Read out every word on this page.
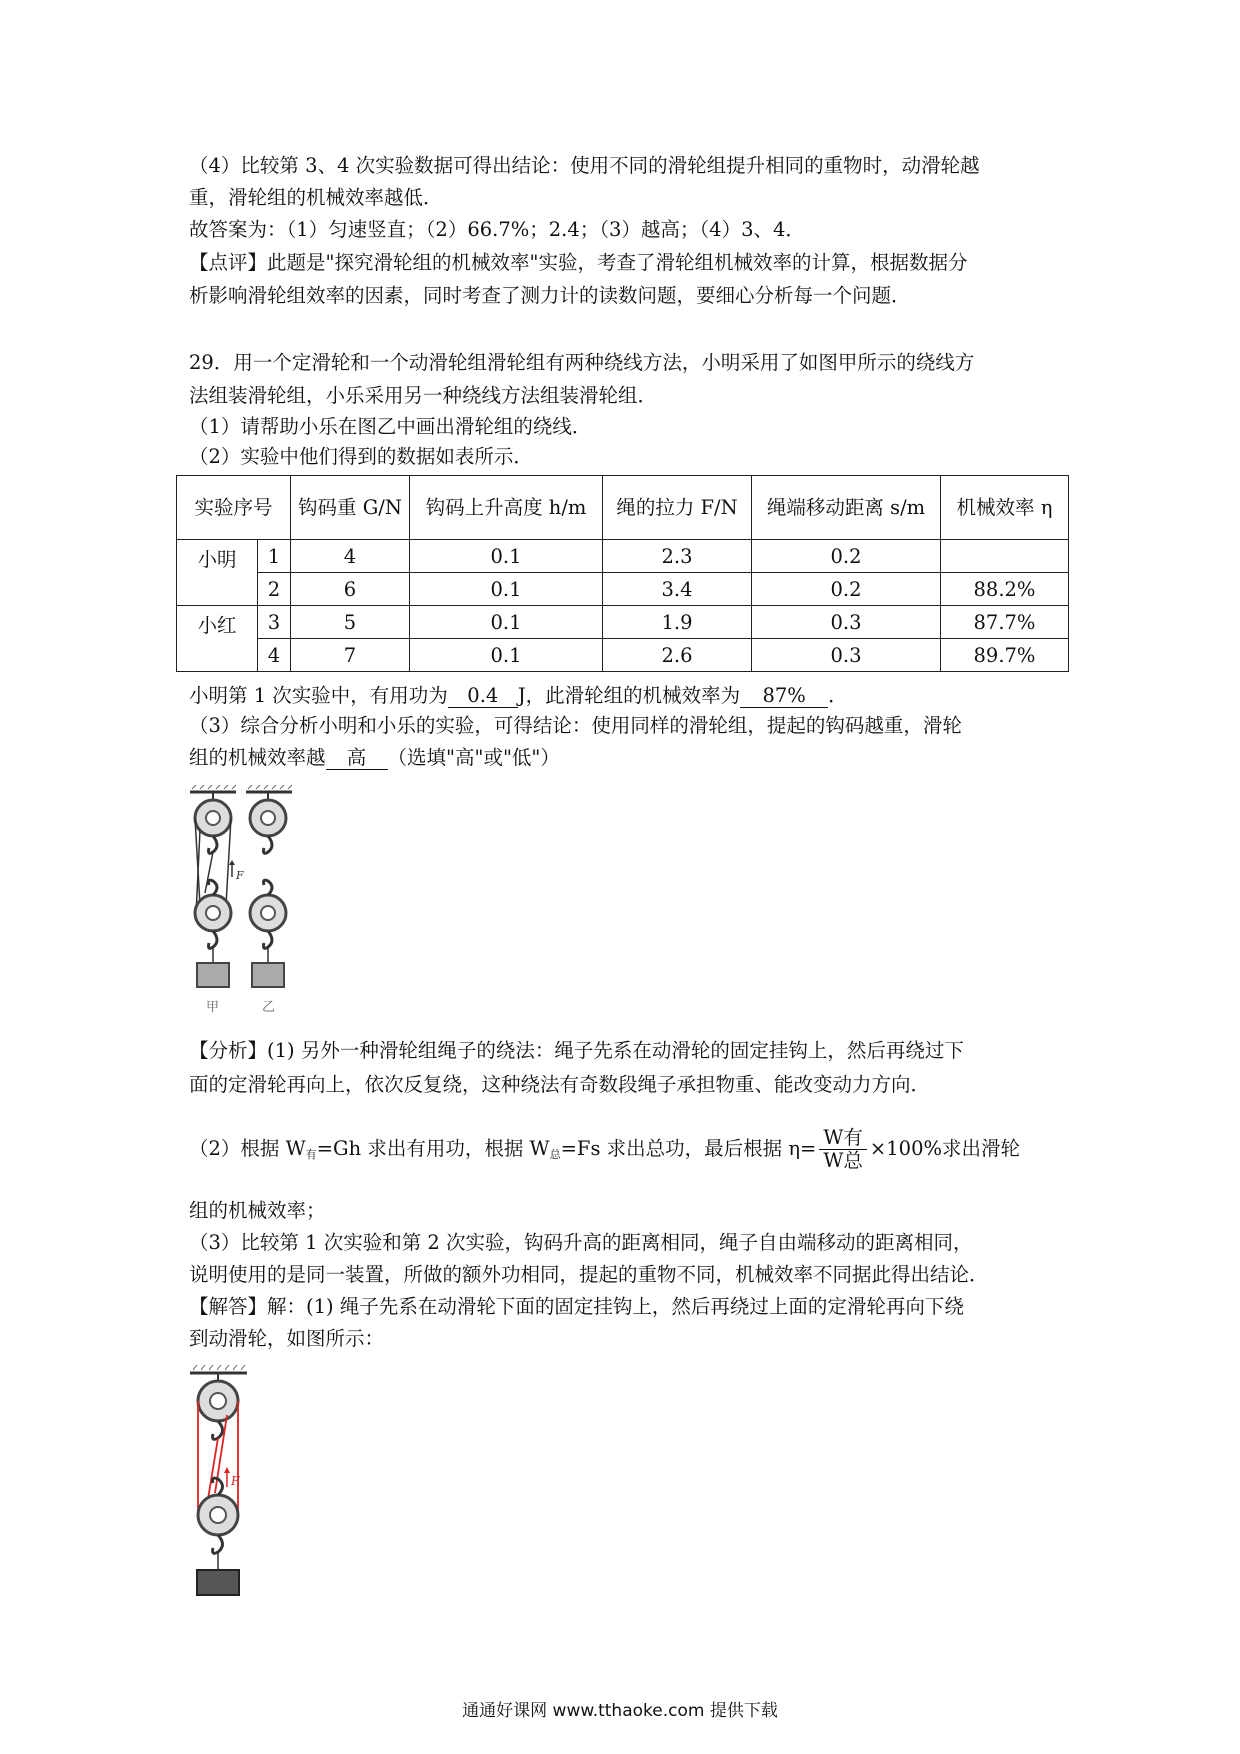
（4）比较第 3、4 次实验数据可得出结论：使用不同的滑轮组提升相同的重物时，动滑轮越
重，滑轮组的机械效率越低．
故答案为：（1）匀速竖直；（2）66.7%；2.4；（3）越高；（4）3、4．
【点评】此题是"探究滑轮组的机械效率"实验，考查了滑轮组机械效率的计算，根据数据分
析影响滑轮组效率的因素，同时考查了测力计的读数问题，要细心分析每一个问题．
29．用一个定滑轮和一个动滑轮组滑轮组有两种绕线方法，小明采用了如图甲所示的绕线方
法组装滑轮组，小乐采用另一种绕线方法组装滑轮组．
（1）请帮助小乐在图乙中画出滑轮组的绕线．
（2）实验中他们得到的数据如表所示．
实验序号		钩码重 G/N	钩码上升高度 h/m	绳的拉力 F/N	绳端移动距离 s/m	机械效率 η
小明	1	4	0.1	2.3	0.2	
	2	6	0.1	3.4	0.2	88.2%
小红	3	5	0.1	1.9	0.3	87.7%
	4	7	0.1	2.6	0.3	89.7%
小明第 1 次实验中，有用功为 0.4 J，此滑轮组的机械效率为 87% ．
（3）综合分析小明和小乐的实验，可得结论：使用同样的滑轮组，提起的钩码越重，滑轮
组的机械效率越 高 （选填"高"或"低"）
F
甲	乙
【分析】(1) 另外一种滑轮组绳子的绕法：绳子先系在动滑轮的固定挂钩上，然后再绕过下
面的定滑轮再向上，依次反复绕，这种绕法有奇数段绳子承担物重、能改变动力方向．
（2）根据 $W_有=Gh$ 求出有用功，根据 $W_总=Fs$ 求出总功，最后根据 $\eta= \frac{\text{W有}}{\text{W总}} \times 100\%$求出滑轮
组的机械效率；
（3）比较第 1 次实验和第 2 次实验，钩码升高的距离相同，绳子自由端移动的距离相同，
说明使用的是同一装置，所做的额外功相同，提起的重物不同，机械效率不同据此得出结论．
【解答】解：(1) 绳子先系在动滑轮下面的固定挂钩上，然后再绕过上面的定滑轮再向下绕
到动滑轮，如图所示：
F
通通好课网 www.tthaoke.com 提供下载
